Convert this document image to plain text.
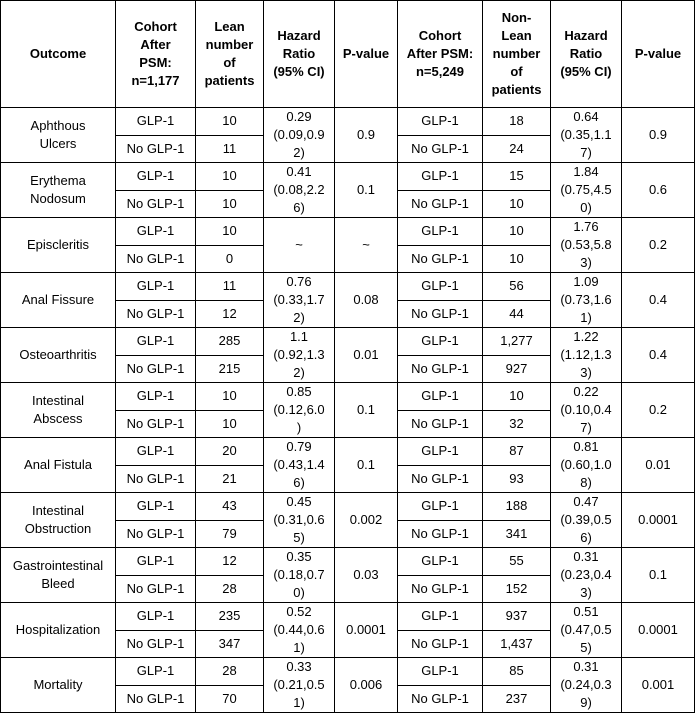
Outcome	Cohort
After
PSM:
n=1,177	Lean
number
of
patients	Hazard
Ratio
(95% CI)	P-value	Cohort
After PSM:
n=5,249	Non-
Lean
number
of
patients	Hazard
Ratio
(95% CI)	P-value

Aphthous
Ulcers	GLP-1	10	0.29
(0.09,0.9
2)	0.9	GLP-1	18	0.64
(0.35,1.1
7)	0.9
	No GLP-1	11			No GLP-1	24		

Erythema
Nodosum	GLP-1	10	0.41
(0.08,2.2
6)	0.1	GLP-1	15	1.84
(0.75,4.5
0)	0.6
	No GLP-1	10			No GLP-1	10		

Episcleritis	GLP-1	10	~	~	GLP-1	10	1.76
(0.53,5.8
3)	0.2
	No GLP-1	0			No GLP-1	10		

Anal Fissure	GLP-1	11	0.76
(0.33,1.7
2)	0.08	GLP-1	56	1.09
(0.73,1.6
1)	0.4
	No GLP-1	12			No GLP-1	44		

Osteoarthritis	GLP-1	285	1.1
(0.92,1.3
2)	0.01	GLP-1	1,277	1.22
(1.12,1.3
3)	0.4
	No GLP-1	215			No GLP-1	927		

Intestinal
Abscess	GLP-1	10	0.85
(0.12,6.0
)	0.1	GLP-1	10	0.22
(0.10,0.4
7)	0.2
	No GLP-1	10			No GLP-1	32		

Anal Fistula	GLP-1	20	0.79
(0.43,1.4
6)	0.1	GLP-1	87	0.81
(0.60,1.0
8)	0.01
	No GLP-1	21			No GLP-1	93		

Intestinal
Obstruction	GLP-1	43	0.45
(0.31,0.6
5)	0.002	GLP-1	188	0.47
(0.39,0.5
6)	0.0001
	No GLP-1	79			No GLP-1	341		

Gastrointestinal
Bleed	GLP-1	12	0.35
(0.18,0.7
0)	0.03	GLP-1	55	0.31
(0.23,0.4
3)	0.1
	No GLP-1	28			No GLP-1	152		

Hospitalization	GLP-1	235	0.52
(0.44,0.6
1)	0.0001	GLP-1	937	0.51
(0.47,0.5
5)	0.0001
	No GLP-1	347			No GLP-1	1,437		

Mortality	GLP-1	28	0.33
(0.21,0.5
1)	0.006	GLP-1	85	0.31
(0.24,0.3
9)	0.001
	No GLP-1	70			No GLP-1	237		
